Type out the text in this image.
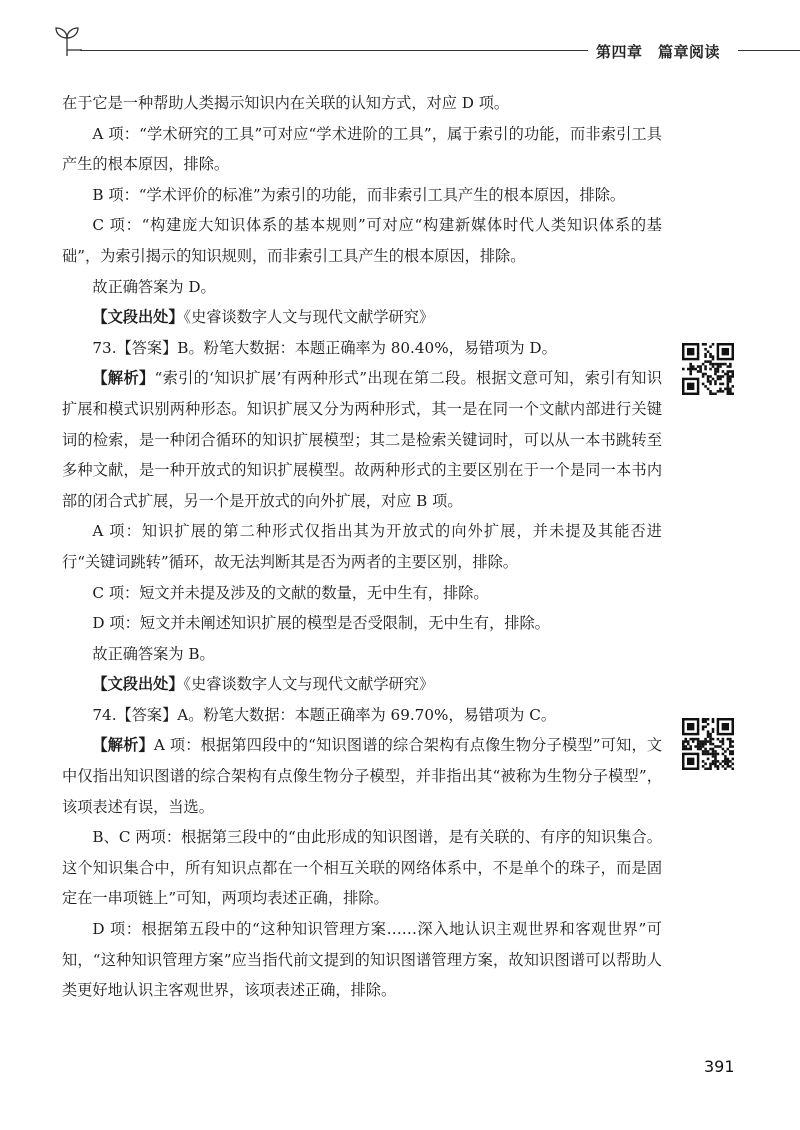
第四章　篇章阅读

在于它是一种帮助人类揭示知识内在关联的认知方式，对应 D 项。

A 项：“学术研究的工具”可对应“学术进阶的工具”，属于索引的功能，而非索引工具产生的根本原因，排除。

B 项：“学术评价的标准”为索引的功能，而非索引工具产生的根本原因，排除。

C 项：“构建庞大知识体系的基本规则”可对应“构建新媒体时代人类知识体系的基础”，为索引揭示的知识规则，而非索引工具产生的根本原因，排除。

故正确答案为 D。

【文段出处】《史睿谈数字人文与现代文献学研究》

73.【答案】B。粉笔大数据：本题正确率为 80.40%，易错项为 D。

【解析】“索引的‘知识扩展’有两种形式”出现在第二段。根据文意可知，索引有知识扩展和模式识别两种形态。知识扩展又分为两种形式，其一是在同一个文献内部进行关键词的检索，是一种闭合循环的知识扩展模型；其二是检索关键词时，可以从一本书跳转至多种文献，是一种开放式的知识扩展模型。故两种形式的主要区别在于一个是同一本书内部的闭合式扩展，另一个是开放式的向外扩展，对应 B 项。

A 项：知识扩展的第二种形式仅指出其为开放式的向外扩展，并未提及其能否进行“关键词跳转”循环，故无法判断其是否为两者的主要区别，排除。

C 项：短文并未提及涉及的文献的数量，无中生有，排除。

D 项：短文并未阐述知识扩展的模型是否受限制，无中生有，排除。

故正确答案为 B。

【文段出处】《史睿谈数字人文与现代文献学研究》

74.【答案】A。粉笔大数据：本题正确率为 69.70%，易错项为 C。

【解析】A 项：根据第四段中的“知识图谱的综合架构有点像生物分子模型”可知，文中仅指出知识图谱的综合架构有点像生物分子模型，并非指出其“被称为生物分子模型”，该项表述有误，当选。

B、C 两项：根据第三段中的“由此形成的知识图谱，是有关联的、有序的知识集合。这个知识集合中，所有知识点都在一个相互关联的网络体系中，不是单个的珠子，而是固定在一串项链上”可知，两项均表述正确，排除。

D 项：根据第五段中的“这种知识管理方案……深入地认识主观世界和客观世界”可知，“这种知识管理方案”应当指代前文提到的知识图谱管理方案，故知识图谱可以帮助人类更好地认识主客观世界，该项表述正确，排除。

391
